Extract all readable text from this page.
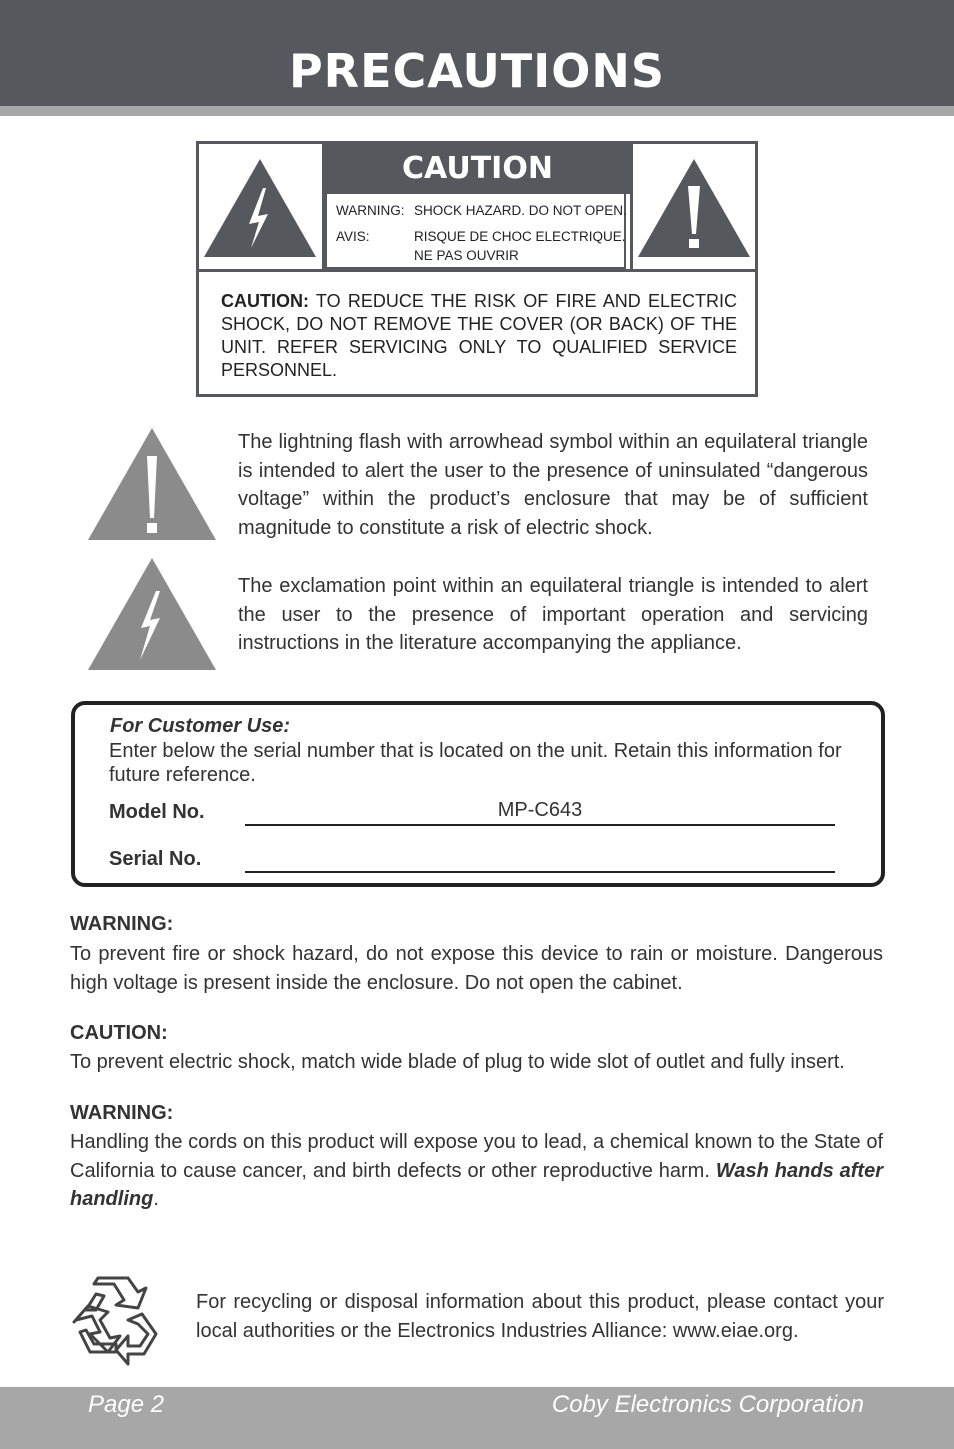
PRECAUTIONS
CAUTION
WARNING: SHOCK HAZARD. DO NOT OPEN.
AVIS:	RISQUE DE CHOC ELECTRIQUE.
NE PAS OUVRIR
CAUTION: TO REDUCE THE RISK OF FIRE AND ELECTRIC SHOCK, DO NOT REMOVE THE COVER (OR BACK) OF THE UNIT. REFER SERVICING ONLY TO QUALIFIED SERVICE PERSONNEL.
The lightning flash with arrowhead symbol within an equilateral triangle is intended to alert the user to the presence of uninsulated “dangerous voltage” within the product’s enclosure that may be of sufficient magnitude to constitute a risk of electric shock.
The exclamation point within an equilateral triangle is intended to alert the user to the presence of important operation and servicing instructions in the literature accompanying the appliance.
For Customer Use:
Enter below the serial number that is located on the unit. Retain this information for future reference.
Model No.	MP-C643
Serial No.
WARNING:
To prevent fire or shock hazard, do not expose this device to rain or moisture. Dangerous high voltage is present inside the enclosure. Do not open the cabinet.
CAUTION:
To prevent electric shock, match wide blade of plug to wide slot of outlet and fully insert.
WARNING:
Handling the cords on this product will expose you to lead, a chemical known to the State of California to cause cancer, and birth defects or other reproductive harm. Wash hands after handling.
For recycling or disposal information about this product, please contact your local authorities or the Electronics Industries Alliance: www.eiae.org.
Page 2	Coby Electronics Corporation
